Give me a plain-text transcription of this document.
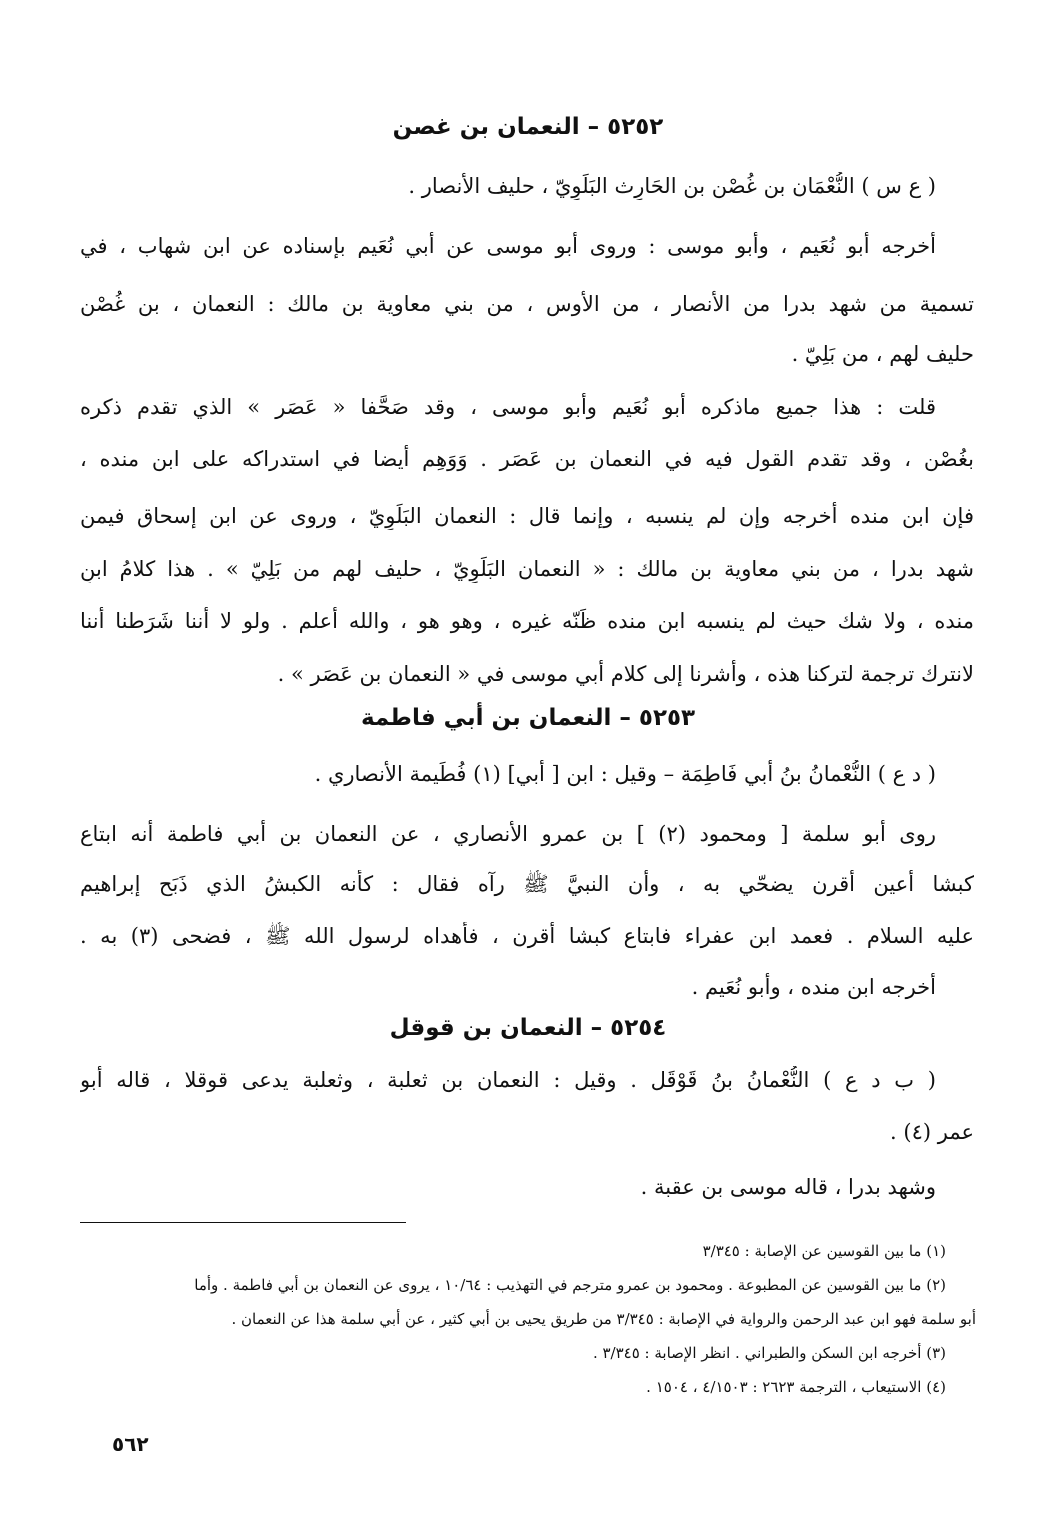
٥٢٥٢ – النعمان بن غصن
( ع س ) النُّعْمَان بن غُصْن بن الحَارِث البَلَوِيّ ، حليف الأنصار .
أخرجه أبو نُعَيم ، وأبو موسى : وروى أبو موسى عن أبي نُعَيم بإسناده عن ابن شهاب ، في
تسمية من شهد بدرا من الأنصار ، من الأوس ، من بني معاوية بن مالك : النعمان ، بن غُصْن
حليف لهم ، من بَلِيّ .
قلت : هذا جميع ماذكره أبو نُعَيم وأبو موسى ، وقد صَحَّفا « عَصَر » الذي تقدم ذكره
بغُصْن ، وقد تقدم القول فيه في النعمان بن عَصَر . وَوَهِم أيضا في استدراكه على ابن منده ،
فإن ابن منده أخرجه وإن لم ينسبه ، وإنما قال : النعمان البَلَوِيّ ، وروى عن ابن إسحاق فيمن
شهد بدرا ، من بني معاوية بن مالك : « النعمان البَلَوِيّ ، حليف لهم من بَلِيّ » . هذا كلامُ ابنِ
منده ، ولا شك حيث لم ينسبه ابن منده ظَنّه غيره ، وهو هو ، والله أعلم . ولو لا أننا شَرَطنا أننا
لانترك ترجمة لتركنا هذه ، وأشرنا إلى كلام أبي موسى في « النعمان بن عَصَر » .
٥٢٥٣ – النعمان بن أبي فاطمة
( د ع ) النُّعْمانُ بنُ أبي فَاطِمَة – وقيل : ابن [ أبي] (١) فُطَيمة الأنصاري .
روى أبو سلمة [ ومحمود (٢) ] بن عمرو الأنصاري ، عن النعمان بن أبي فاطمة أنه ابتاع
كبشا أعين أقرن يضحّي به ، وأن النبيَّ ﷺ رآه فقال : كأنه الكبشُ الذي ذَبَح إبراهيم
عليه السلام . فعمد ابن عفراء فابتاع كبشا أقرن ، فأهداه لرسول الله ﷺ ، فضحى (٣) به .
أخرجه ابن منده ، وأبو نُعَيم .
٥٢٥٤ – النعمان بن قوقل
( ب د ع ) النُّعْمانُ بنُ قَوْقَل . وقيل : النعمان بن ثعلبة ، وثعلبة يدعى قوقلا ، قاله أبو
عمر (٤) .
وشهد بدرا ، قاله موسى بن عقبة .
(١) ما بين القوسين عن الإصابة : ٣/٣٤٥
(٢) ما بين القوسين عن المطبوعة . ومحمود بن عمرو مترجم في التهذيب : ١٠/٦٤ ، يروى عن النعمان بن أبي فاطمة . وأما
أبو سلمة فهو ابن عبد الرحمن والرواية في الإصابة : ٣/٣٤٥ من طريق يحيى بن أبي كثير ، عن أبي سلمة هذا عن النعمان .
(٣) أخرجه ابن السكن والطبراني . انظر الإصابة : ٣/٣٤٥ .
(٤) الاستيعاب ، الترجمة ٢٦٢٣ : ٤/١٥٠٣ ، ١٥٠٤ .
٥٦٢
